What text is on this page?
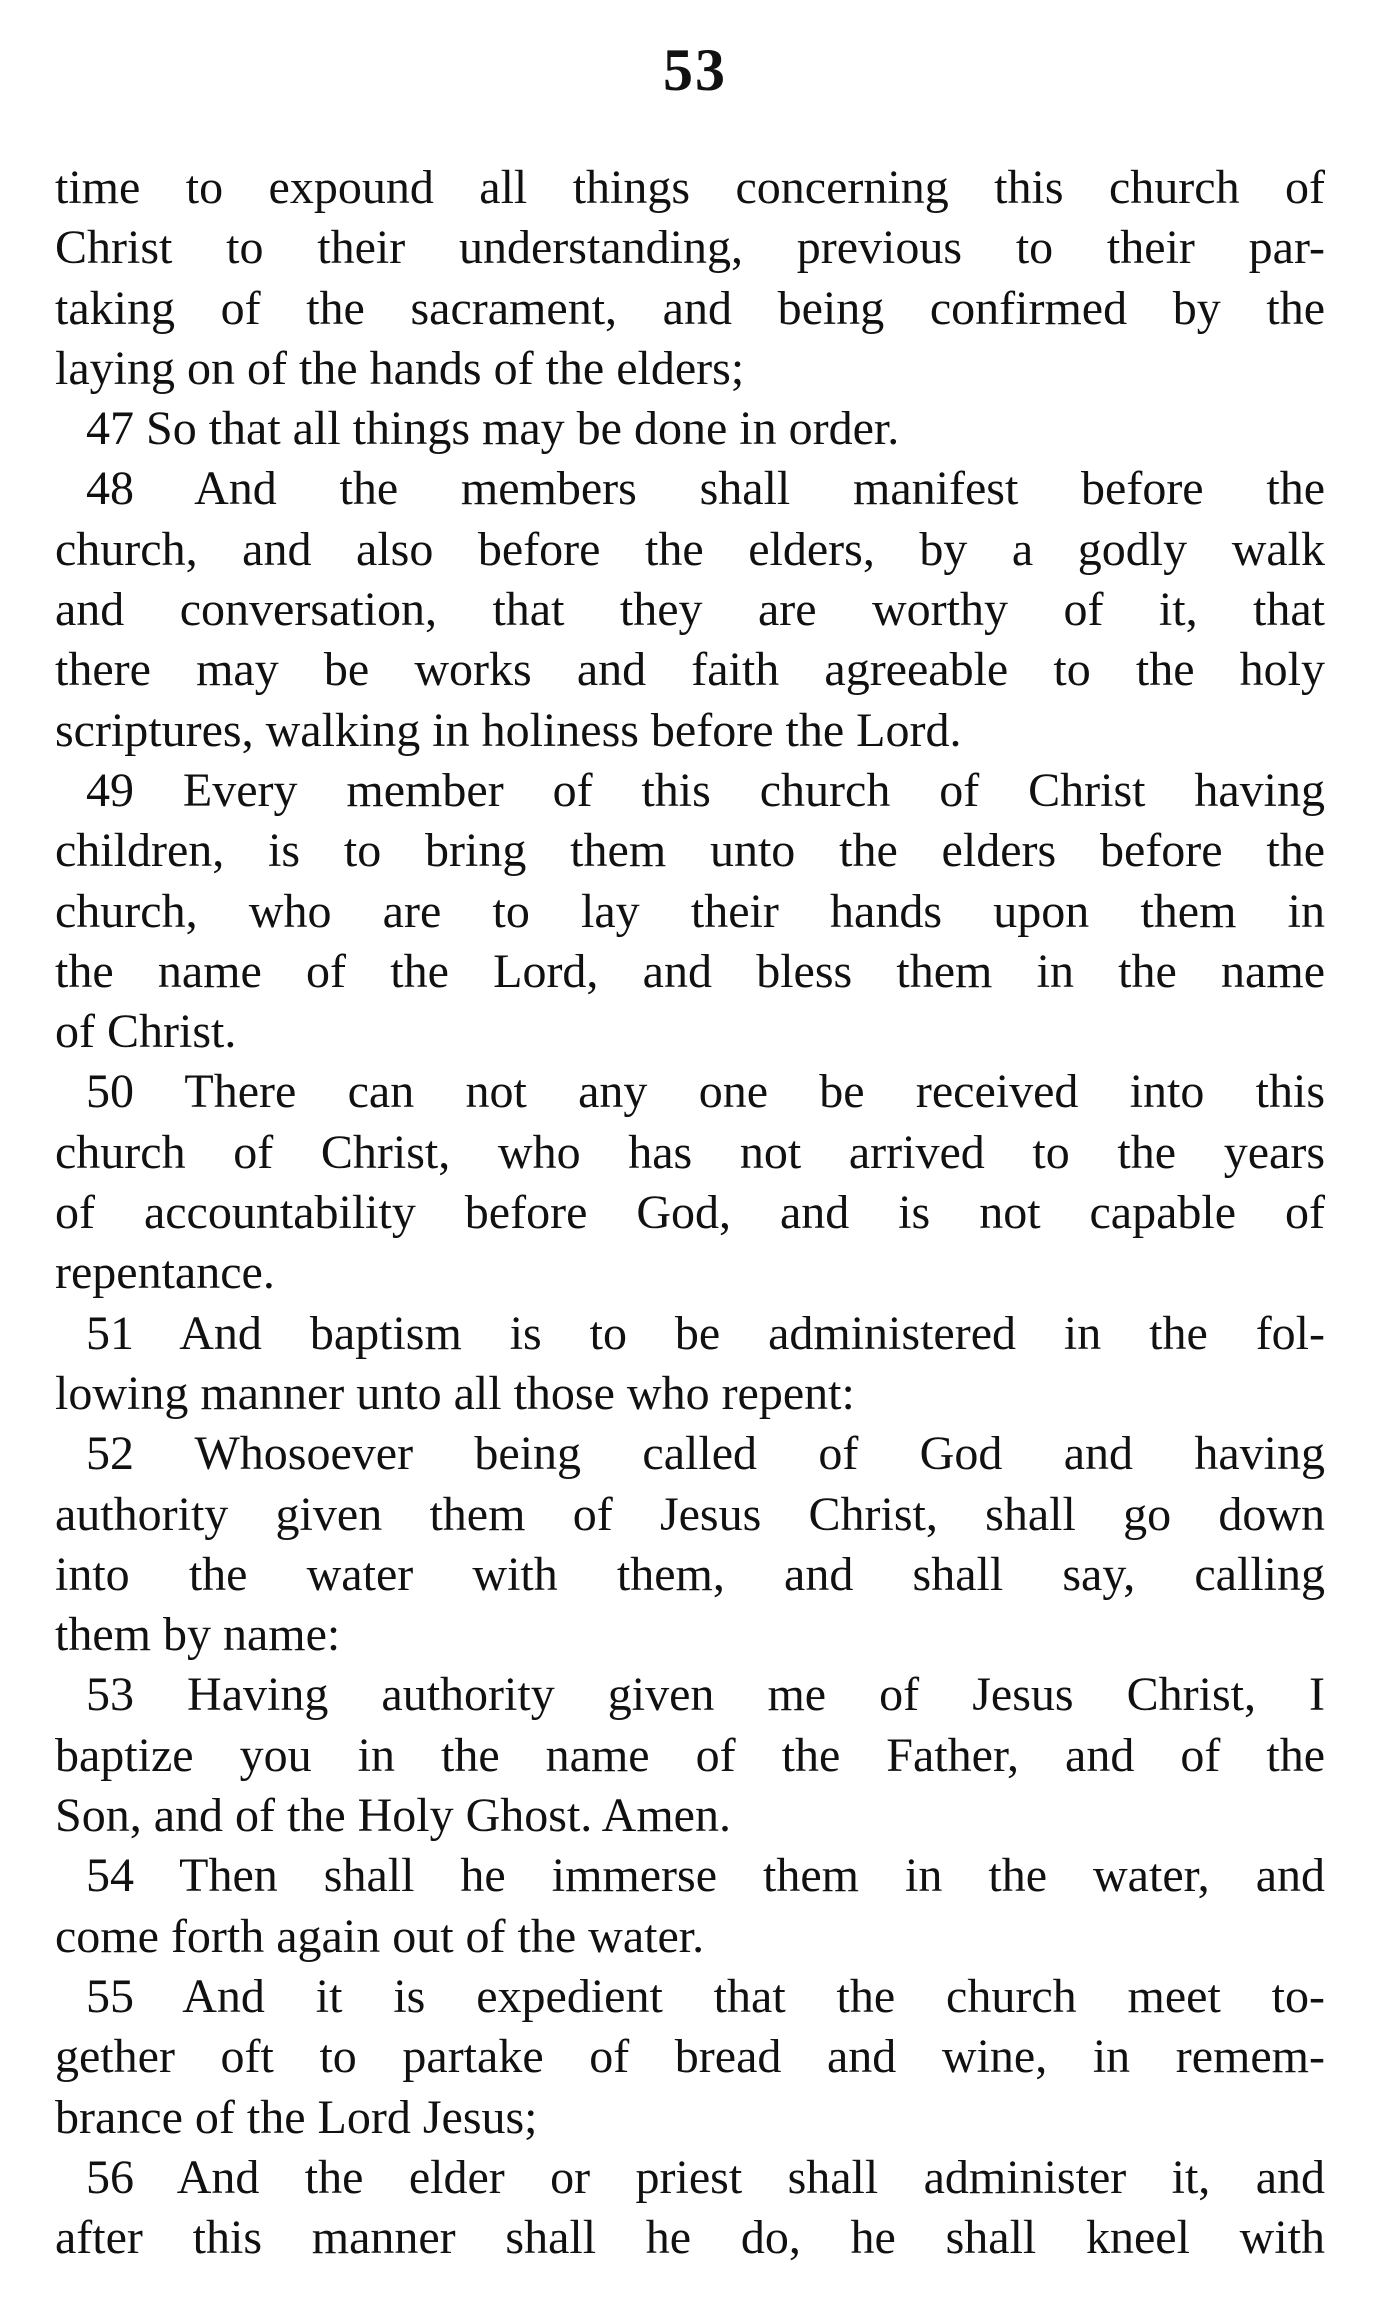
53
time to expound all things concerning this church of
Christ to their understanding, previous to their par-
taking of the sacrament, and being confirmed by the
laying on of the hands of the elders;
47 So that all things may be done in order.
48 And the members shall manifest before the
church, and also before the elders, by a godly walk
and conversation, that they are worthy of it, that
there may be works and faith agreeable to the holy
scriptures, walking in holiness before the Lord.
49 Every member of this church of Christ having
children, is to bring them unto the elders before the
church, who are to lay their hands upon them in
the name of the Lord, and bless them in the name
of Christ.
50 There can not any one be received into this
church of Christ, who has not arrived to the years
of accountability before God, and is not capable of
repentance.
51 And baptism is to be administered in the fol-
lowing manner unto all those who repent:
52 Whosoever being called of God and having
authority given them of Jesus Christ, shall go down
into the water with them, and shall say, calling
them by name:
53 Having authority given me of Jesus Christ, I
baptize you in the name of the Father, and of the
Son, and of the Holy Ghost. Amen.
54 Then shall he immerse them in the water, and
come forth again out of the water.
55 And it is expedient that the church meet to-
gether oft to partake of bread and wine, in remem-
brance of the Lord Jesus;
56 And the elder or priest shall administer it, and
after this manner shall he do, he shall kneel with
